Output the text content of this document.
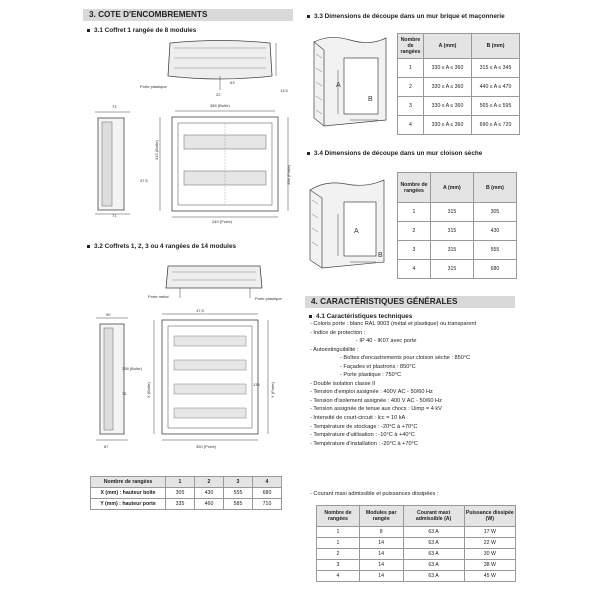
3. COTE D'ENCOMBREMENTS
3.1 Coffret 1 rangée de 8 modules
Porte plastique
22
53
13.5
73
71
47,5
385 (Boîte)
245 (Porte)
315 (Boîte)
338 (Porte)
3.2 Coffrets 1, 2, 3 ou 4 rangées de 14 modules
Porte métal	Porte plastique
90
338 (Boîte)
72
87
47,5
350 (Porte)
X (Boîte)	Y (Porte)
135
Nombre de rangées	1	2	3	4
X (mm) : hauteur boîte	305	430	555	680
Y (mm) : hauteur porte	335	460	585	710
3.3 Dimensions de découpe dans un mur brique et maçonnerie
A
B
Nombre de rangées	A (mm)	B (mm)
1	330 ≤ A ≤ 360	315 ≤ A ≤ 345
2	330 ≤ A ≤ 360	440 ≤ A ≤ 470
3	330 ≤ A ≤ 360	565 ≤ A ≤ 595
4	330 ≤ A ≤ 360	690 ≤ A ≤ 720
3.4 Dimensions de découpe dans un mur cloison sèche
A
B
Nombre de rangées	A (mm)	B (mm)
1	315	305
2	315	430
3	315	555
4	315	680
4. CARACTÉRISTIQUES GÉNÉRALES
4.1 Caractéristiques techniques
- Coloris porte : blanc RAL 9003 (métal et plastique) ou transparent
- Indice de protection :
- IP 40 - IK07 avec porte
- Autoextinguibilité :
- Boîtes d'encastrements pour cloison sèche : 850°C
- Façades et plastrons : 850°C
- Porte plastique : 750°C
- Double isolation classe II
- Tension d'emploi assignée : 400V AC - 50/60 Hz
- Tension d'isolement assignée : 400 V AC - 50/60 Hz
- Tension assignée de tenue aux chocs : Uimp = 4 kV
- Intensité de court-circuit : Icc = 10 kA
- Température de stockage : -20°C à +70°C
- Température d'utilisation : -10°C à +40°C
- Température d'installation : -20°C à +70°C
- Courant maxi admissible et puissances dissipées :
Nombre de rangées	Modules par rangée	Courant maxi admissible (A)	Puissance dissipée (W)
1	8	63 A	17 W
1	14	63 A	22 W
2	14	63 A	30 W
3	14	63 A	38 W
4	14	63 A	45 W
